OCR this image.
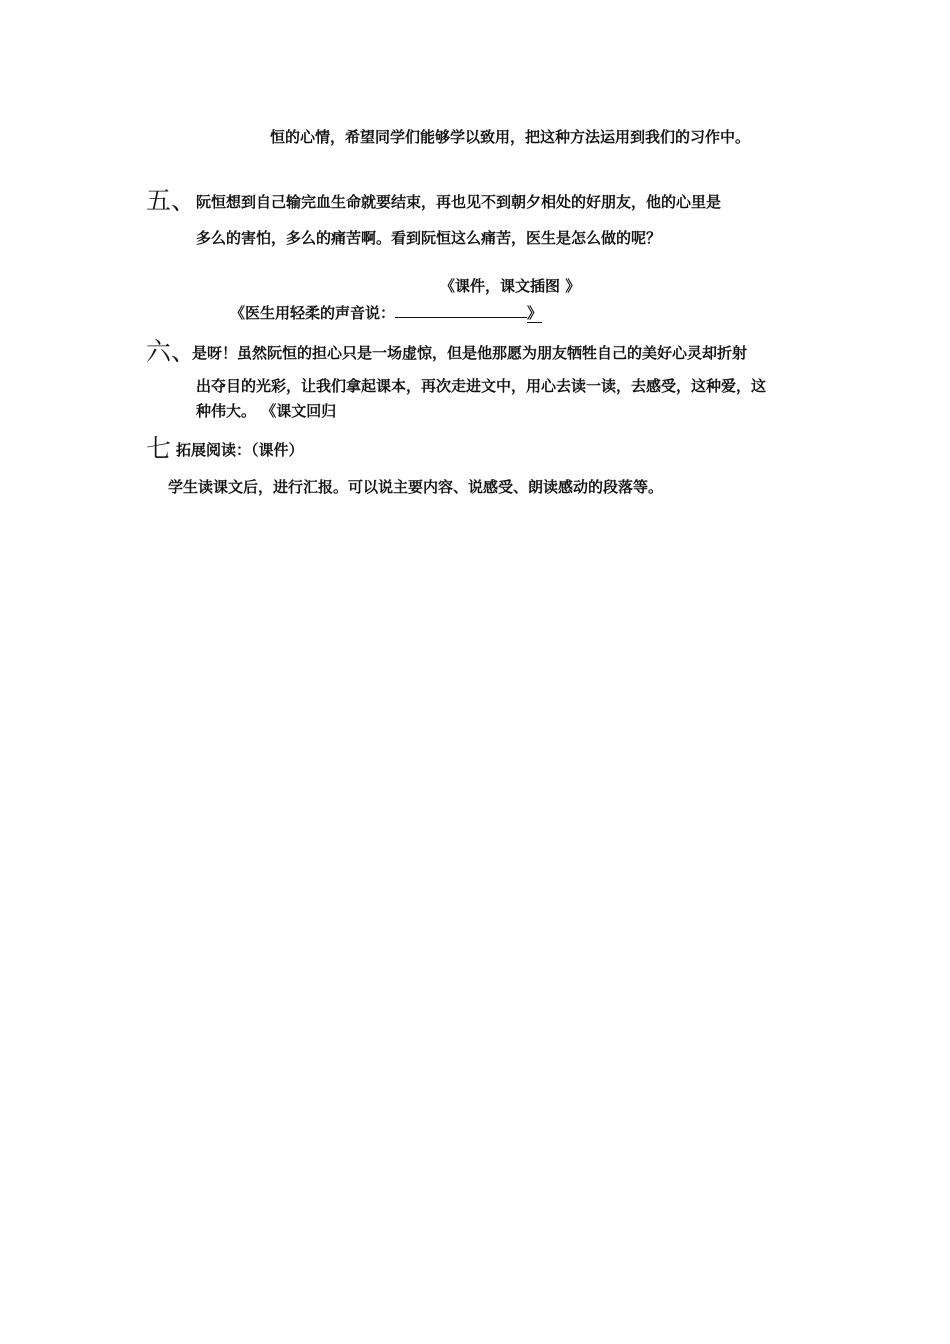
恒的心情，希望同学们能够学以致用，把这种方法运用到我们的习作中。
五、 阮恒想到自己输完血生命就要结束，再也见不到朝夕相处的好朋友，他的心里是
多么的害怕，多么的痛苦啊。看到阮恒这么痛苦，医生是怎么做的呢？
《课件，课文插图 》
《医生用轻柔的声音说：	》
六、
是呀！虽然阮恒的担心只是一场虚惊，但是他那愿为朋友牺牲自己的美好心灵却折射
出夺目的光彩，让我们拿起课本，再次走进文中，用心去读一读，去感受，这种爱，这
种伟大。 《课文回归
七 拓展阅读：（课件）
学生读课文后，进行汇报。可以说主要内容、说感受、朗读感动的段落等。
